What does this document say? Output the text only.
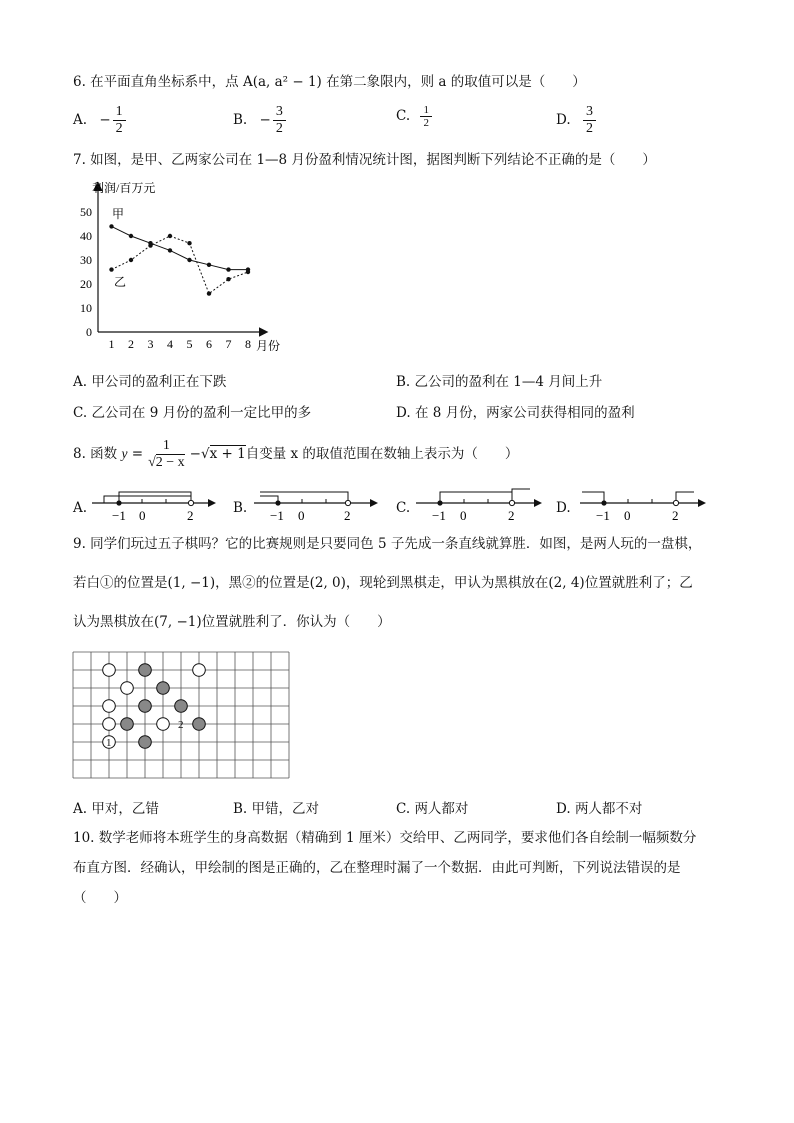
6. 在平面直角坐标系中，点 A(a, a² − 1) 在第二象限内，则 a 的取值可以是（　　）
A. − $\frac{1}{2}$	B. − $\frac{3}{2}$	C. $\frac{1}{2}$	D. $\frac{3}{2}$
7. 如图，是甲、乙两家公司在 1—8 月份盈利情况统计图，据图判断下列结论不正确的是（　　）
利润/百万元
月份
0
10
20
30
40
50
1 2 3 4 5 6 7 8
甲
乙
A. 甲公司的盈利正在下跌	B. 乙公司的盈利在 1—4 月间上升
C. 乙公司在 9 月份的盈利一定比甲的多	D. 在 8 月份，两家公司获得相同的盈利
8. 函数 $y = \frac{1}{√2 - x} -√x + 1$自变量 x 的取值范围在数轴上表示为（　　）
A.	B.	C.	D.
−1 0	2	−1 0	2	−1 0	2	−1 0	2
9. 同学们玩过五子棋吗？它的比赛规则是只要同色 5 子先成一条直线就算胜．如图，是两人玩的一盘棋，
若白①的位置是(1, −1)，黑②的位置是(2, 0)，现轮到黑棋走，甲认为黑棋放在(2, 4)位置就胜利了；乙
认为黑棋放在(7, −1)位置就胜利了．你认为（　　）
2
1
A. 甲对，乙错	B. 甲错，乙对	C. 两人都对	D. 两人都不对
10. 数学老师将本班学生的身高数据（精确到 1 厘米）交给甲、乙两同学，要求他们各自绘制一幅频数分
布直方图．经确认，甲绘制的图是正确的，乙在整理时漏了一个数据．由此可判断，下列说法错误的是
（　　）
